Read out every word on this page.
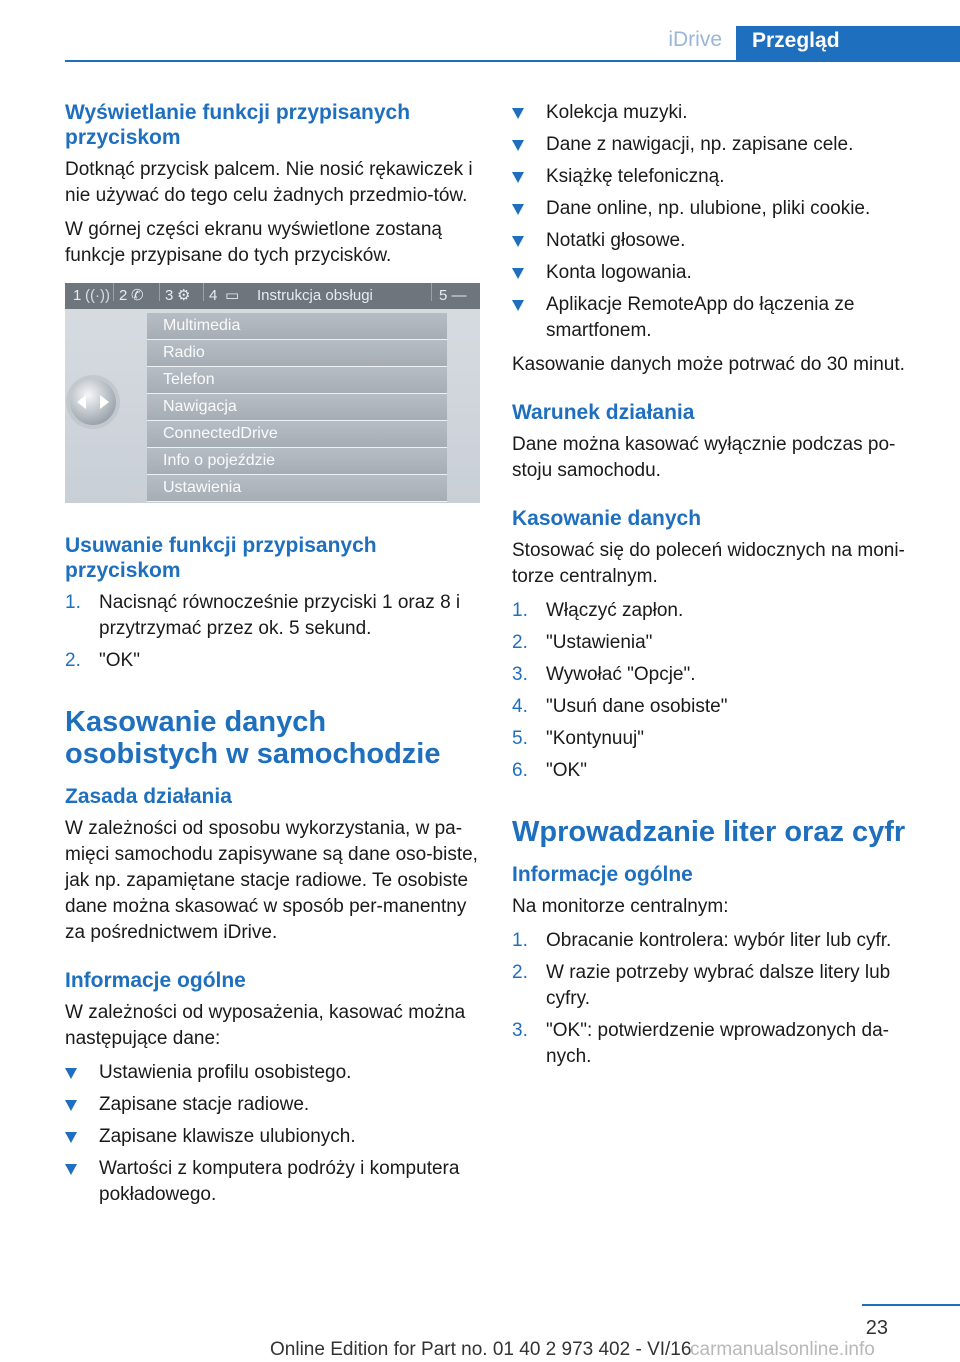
iDrive	Przegląd
Wyświetlanie funkcji przypisanych przyciskom
Dotknąć przycisk palcem. Nie nosić rękawiczek i nie używać do tego celu żadnych przedmio-tów.
W górnej części ekranu wyświetlone zostaną funkcje przypisane do tych przycisków.
1 ((·)) 2 ✆ 3 ⚙ 4 ▭ Instrukcja obsługi	5 —
Multimedia
Radio
Telefon
Nawigacja
ConnectedDrive
Info o pojeździe
Ustawienia
Usuwanie funkcji przypisanych przyciskom
1. Nacisnąć równocześnie przyciski 1 oraz 8 i przytrzymać przez ok. 5 sekund.
2. "OK"
Kasowanie danych osobistych w samochodzie
Zasada działania
W zależności od sposobu wykorzystania, w pa-mięci samochodu zapisywane są dane oso-biste, jak np. zapamiętane stacje radiowe. Te osobiste dane można skasować w sposób per-manentny za pośrednictwem iDrive.
Informacje ogólne
W zależności od wyposażenia, kasować można następujące dane:
Ustawienia profilu osobistego.
Zapisane stacje radiowe.
Zapisane klawisze ulubionych.
Wartości z komputera podróży i komputera pokładowego.
Kolekcja muzyki.
Dane z nawigacji, np. zapisane cele.
Książkę telefoniczną.
Dane online, np. ulubione, pliki cookie.
Notatki głosowe.
Konta logowania.
Aplikacje RemoteApp do łączenia ze smartfonem.
Kasowanie danych może potrwać do 30 minut.
Warunek działania
Dane można kasować wyłącznie podczas po-stoju samochodu.
Kasowanie danych
Stosować się do poleceń widocznych na moni-torze centralnym.
1. Włączyć zapłon.
2. "Ustawienia"
3. Wywołać "Opcje".
4. "Usuń dane osobiste"
5. "Kontynuuj"
6. "OK"
Wprowadzanie liter oraz cyfr
Informacje ogólne
Na monitorze centralnym:
1. Obracanie kontrolera: wybór liter lub cyfr.
2. W razie potrzeby wybrać dalsze litery lub cyfry.
3. "OK": potwierdzenie wprowadzonych da-nych.
23
Online Edition for Part no. 01 40 2 973 402 - VI/16
carmanualsonline.info
